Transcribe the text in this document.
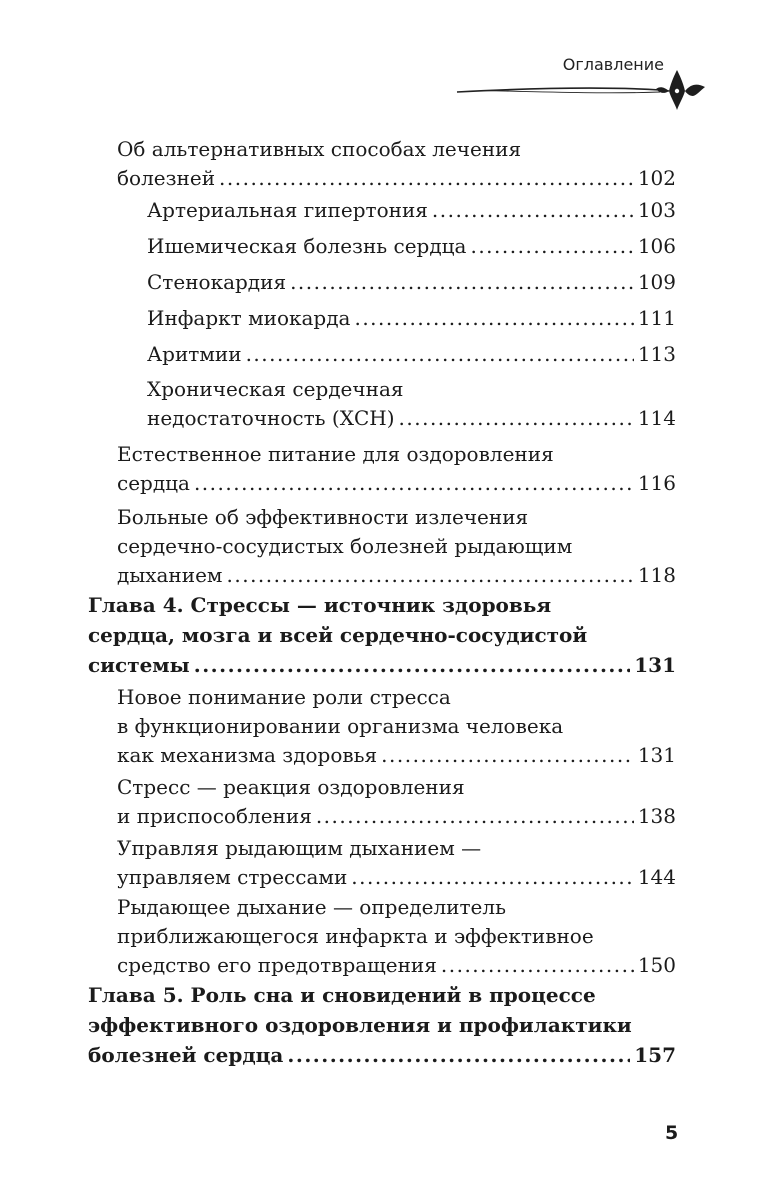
Оглавление
Об альтернативных способах лечения
болезней .....	102
Артериальная гипертония .....	103
Ишемическая болезнь сердца .....	106
Стенокардия .....	109
Инфаркт миокарда .....	111
Аритмии .....	113
Хроническая сердечная
недостаточность (ХСН) .....	114
Естественное питание для оздоровления
сердца .....	116
Больные об эффективности излечения
сердечно-сосудистых болезней рыдающим
дыханием .....	118
Глава 4. Стрессы — источник здоровья
сердца, мозга и всей сердечно-сосудистой
системы .....	131
Новое понимание роли стресса
в функционировании организма человека
как механизма здоровья .....	131
Стресс — реакция оздоровления
и приспособления .....	138
Управляя рыдающим дыханием —
управляем стрессами .....	144
Рыдающее дыхание — определитель
приближающегося инфаркта и эффективное
средство его предотвращения .....	150
Глава 5. Роль сна и сновидений в процессе
эффективного оздоровления и профилактики
болезней сердца .....	157
5
